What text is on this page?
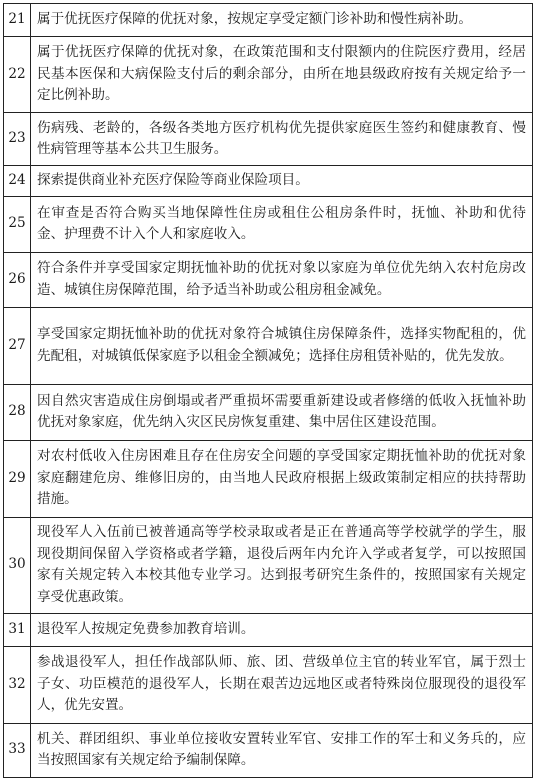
21	属于优抚医疗保障的优抚对象，按规定享受定额门诊补助和慢性病补助。
22	属于优抚医疗保障的优抚对象，在政策范围和支付限额内的住院医疗费用，经居民基本医保和大病保险支付后的剩余部分，由所在地县级政府按有关规定给予一定比例补助。
23	伤病残、老龄的，各级各类地方医疗机构优先提供家庭医生签约和健康教育、慢性病管理等基本公共卫生服务。
24	探索提供商业补充医疗保险等商业保险项目。
25	在审查是否符合购买当地保障性住房或租住公租房条件时，抚恤、补助和优待金、护理费不计入个人和家庭收入。
26	符合条件并享受国家定期抚恤补助的优抚对象以家庭为单位优先纳入农村危房改造、城镇住房保障范围，给予适当补助或公租房租金减免。
27	享受国家定期抚恤补助的优抚对象符合城镇住房保障条件，选择实物配租的，优先配租，对城镇低保家庭予以租金全额减免；选择住房租赁补贴的，优先发放。
28	因自然灾害造成住房倒塌或者严重损坏需要重新建设或者修缮的低收入抚恤补助优抚对象家庭，优先纳入灾区民房恢复重建、集中居住区建设范围。
29	对农村低收入住房困难且存在住房安全问题的享受国家定期抚恤补助的优抚对象家庭翻建危房、维修旧房的，由当地人民政府根据上级政策制定相应的扶持帮助措施。
30	现役军人入伍前已被普通高等学校录取或者是正在普通高等学校就学的学生，服现役期间保留入学资格或者学籍，退役后两年内允许入学或者复学，可以按照国家有关规定转入本校其他专业学习。达到报考研究生条件的，按照国家有关规定享受优惠政策。
31	退役军人按规定免费参加教育培训。
32	参战退役军人，担任作战部队师、旅、团、营级单位主官的转业军官，属于烈士子女、功臣模范的退役军人，长期在艰苦边远地区或者特殊岗位服现役的退役军人，优先安置。
33	机关、群团组织、事业单位接收安置转业军官、安排工作的军士和义务兵的，应当按照国家有关规定给予编制保障。
